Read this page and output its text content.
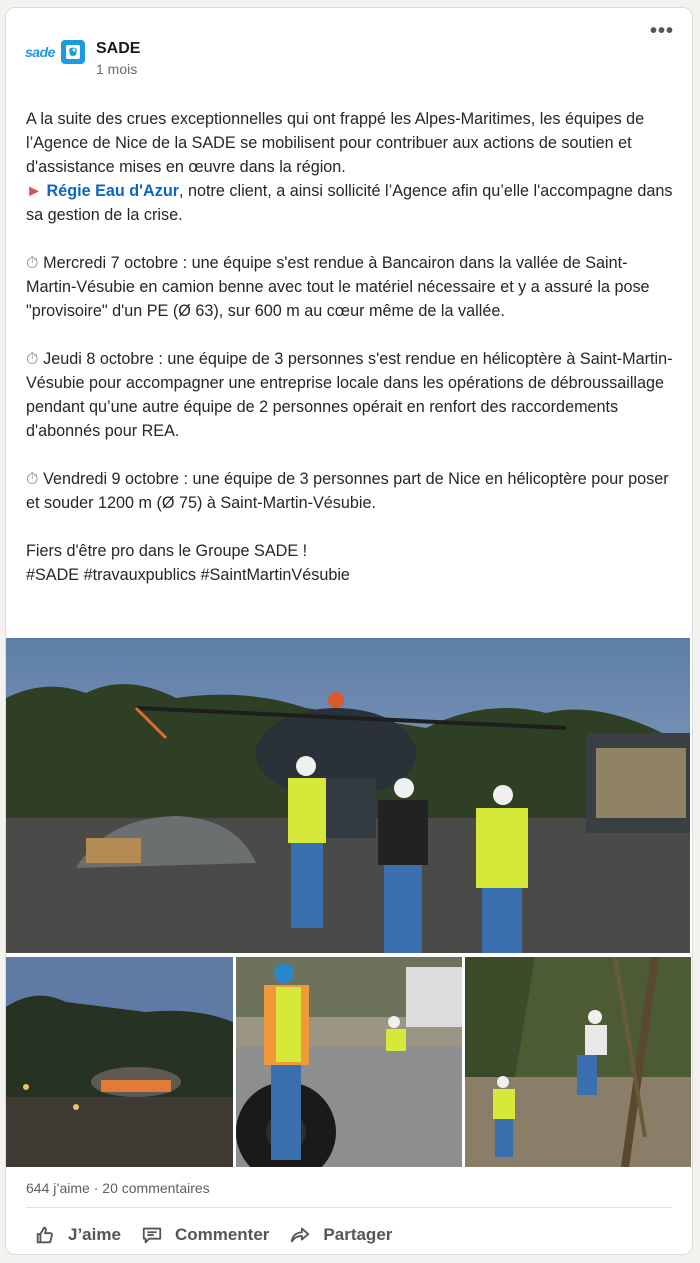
•••
sade	SADE
1 mois

A la suite des crues exceptionnelles qui ont frappé les Alpes-Maritimes, les équipes de l’Agence de Nice de la SADE se mobilisent pour contribuer aux actions de soutien et d'assistance mises en œuvre dans la région.

► Régie Eau d'Azur, notre client, a ainsi sollicité l’Agence afin qu’elle l'accompagne dans sa gestion de la crise.

⏱ Mercredi 7 octobre : une équipe s'est rendue à Bancairon dans la vallée de Saint-Martin-Vésubie en camion benne avec tout le matériel nécessaire et y a assuré la pose "provisoire" d'un PE (Ø 63), sur 600 m au cœur même de la vallée.

⏱ Jeudi 8 octobre : une équipe de 3 personnes s'est rendue en hélicoptère à Saint-Martin-Vésubie pour accompagner une entreprise locale dans les opérations de débroussaillage pendant qu’une autre équipe de 2 personnes opérait en renfort des raccordements d'abonnés pour REA.

⏱ Vendredi 9 octobre : une équipe de 3 personnes part de Nice en hélicoptère pour poser et souder 1200 m (Ø 75) à Saint-Martin-Vésubie.

Fiers d'être pro dans le Groupe SADE !

#SADE #travauxpublics #SaintMartinVésubie

644 j’aime · 20 commentaires
J’aime	Commenter	Partager
